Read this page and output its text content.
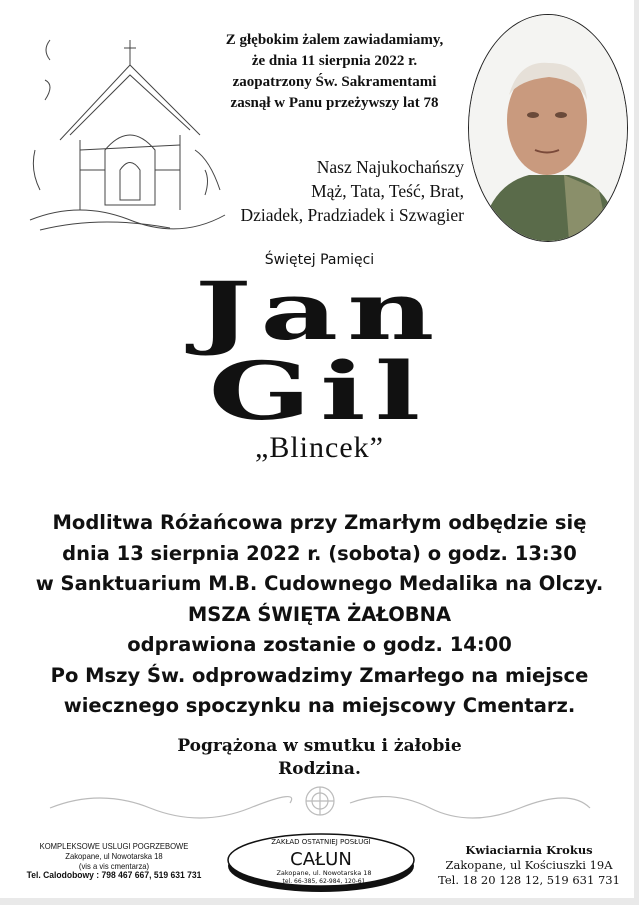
Z głębokim żalem zawiadamiamy,
że dnia 11 sierpnia 2022 r.
zaopatrzony Św. Sakramentami
zasnął w Panu przeżywszy lat 78
Nasz Najukochańszy
Mąż, Tata, Teść, Brat,
Dziadek, Pradziadek i Szwagier
Świętej Pamięci
Jan
Gil
„Blincek”
Modlitwa Różańcowa przy Zmarłym odbędzie się
dnia 13 sierpnia 2022 r. (sobota) o godz. 13:30
w Sanktuarium M.B. Cudownego Medalika na Olczy.
MSZA ŚWIĘTA ŻAŁOBNA
odprawiona zostanie o godz. 14:00
Po Mszy Św. odprowadzimy Zmarłego na miejsce
wiecznego spoczynku na miejscowy Cmentarz.
Pogrążona w smutku i żałobie
Rodzina.
KOMPLEKSOWE USLUGI POGRZEBOWE
Zakopane, ul Nowotarska 18
(vis a vis cmentarza)
Tel. Calodobowy : 798 467 667, 519 631 731
ZAKŁAD OSTATNIEJ POSŁUGI
CAŁUN
Zakopane, ul. Nowotarska 18
tel. 66-385, 62-984, 120-61
Kwiaciarnia Krokus
Zakopane, ul Kościuszki 19A
Tel. 18 20 128 12, 519 631 731
